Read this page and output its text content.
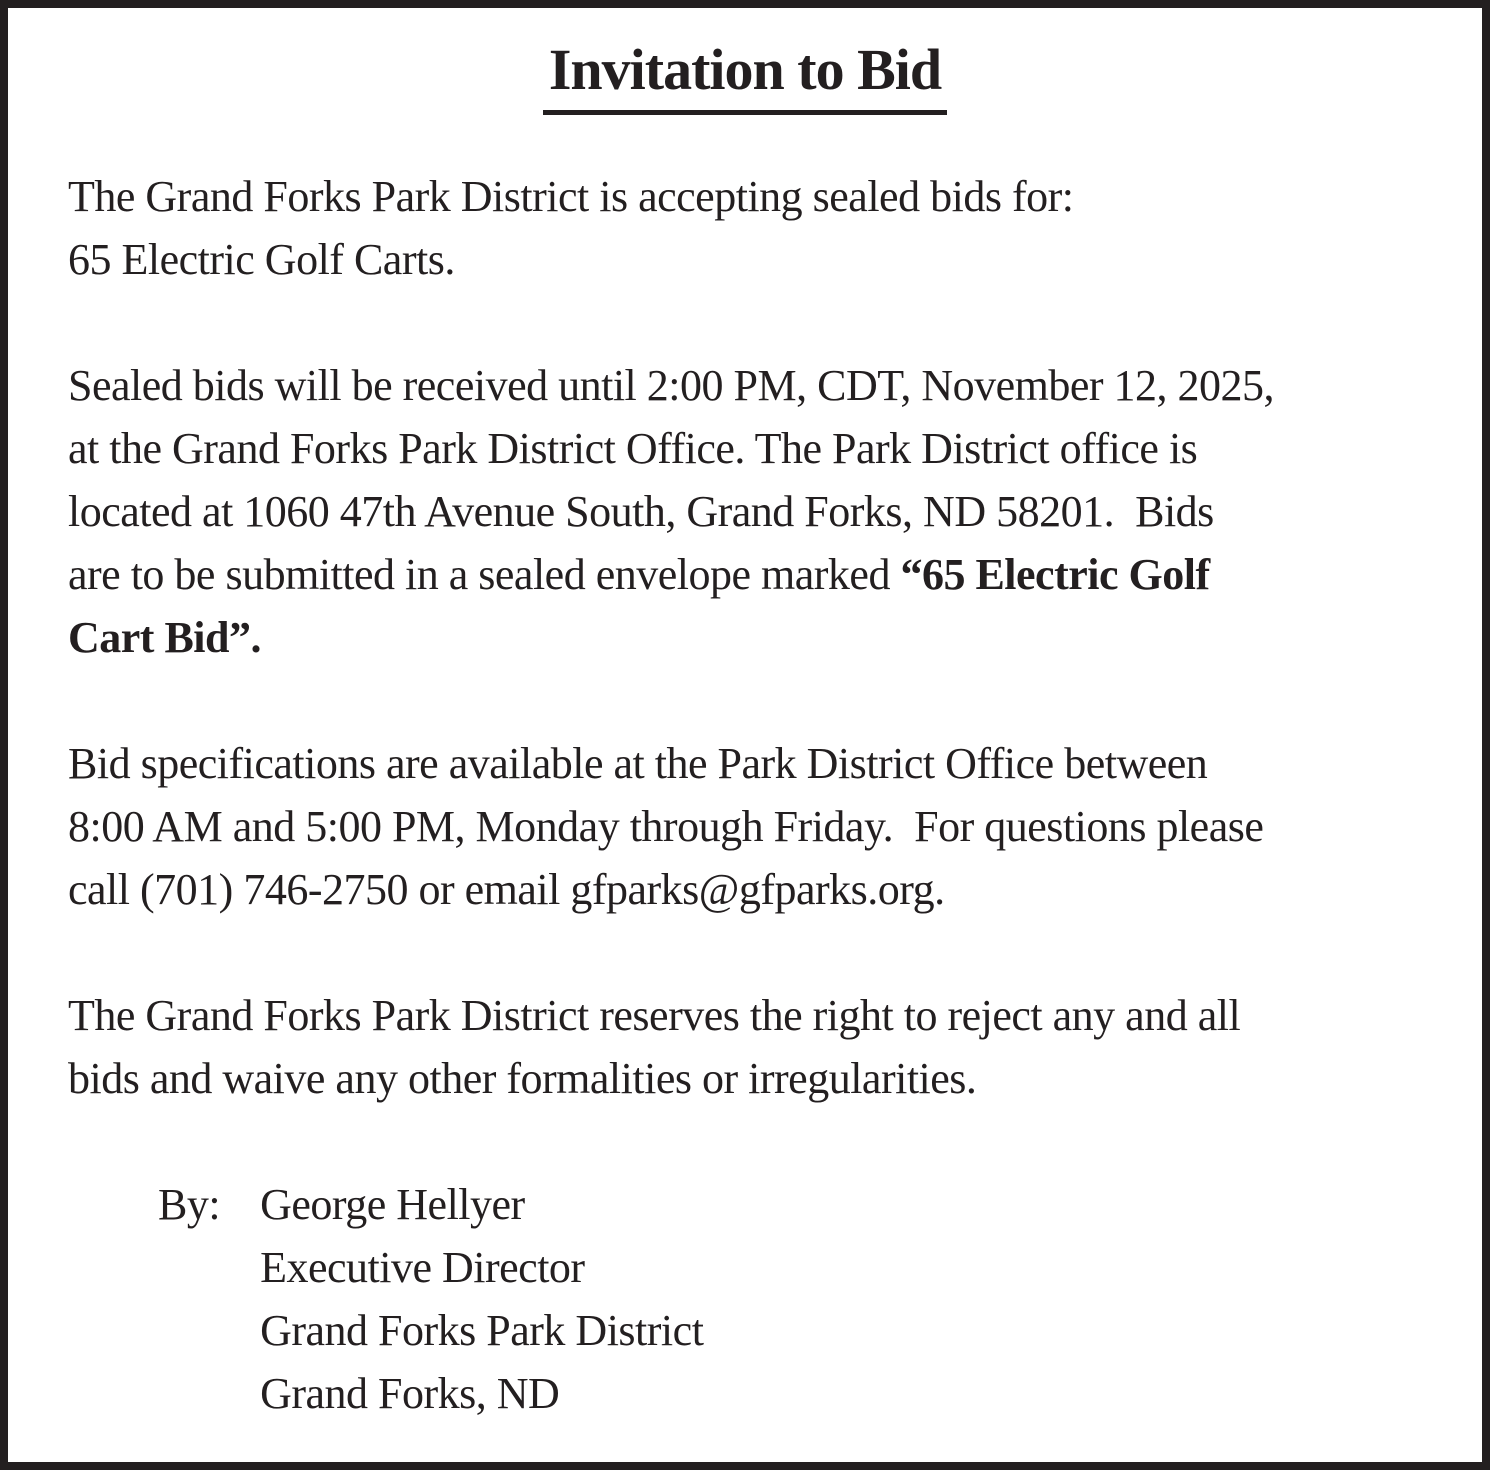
Invitation to Bid
The Grand Forks Park District is accepting sealed bids for:
65 Electric Golf Carts.
Sealed bids will be received until 2:00 PM, CDT, November 12, 2025,
at the Grand Forks Park District Office. The Park District office is
located at 1060 47th Avenue South, Grand Forks, ND 58201.  Bids
are to be submitted in a sealed envelope marked “65 Electric Golf
Cart Bid”.
Bid specifications are available at the Park District Office between
8:00 AM and 5:00 PM, Monday through Friday.  For questions please
call (701) 746-2750 or email gfparks@gfparks.org.
The Grand Forks Park District reserves the right to reject any and all
bids and waive any other formalities or irregularities.
By: George Hellyer
Executive Director
Grand Forks Park District
Grand Forks, ND
